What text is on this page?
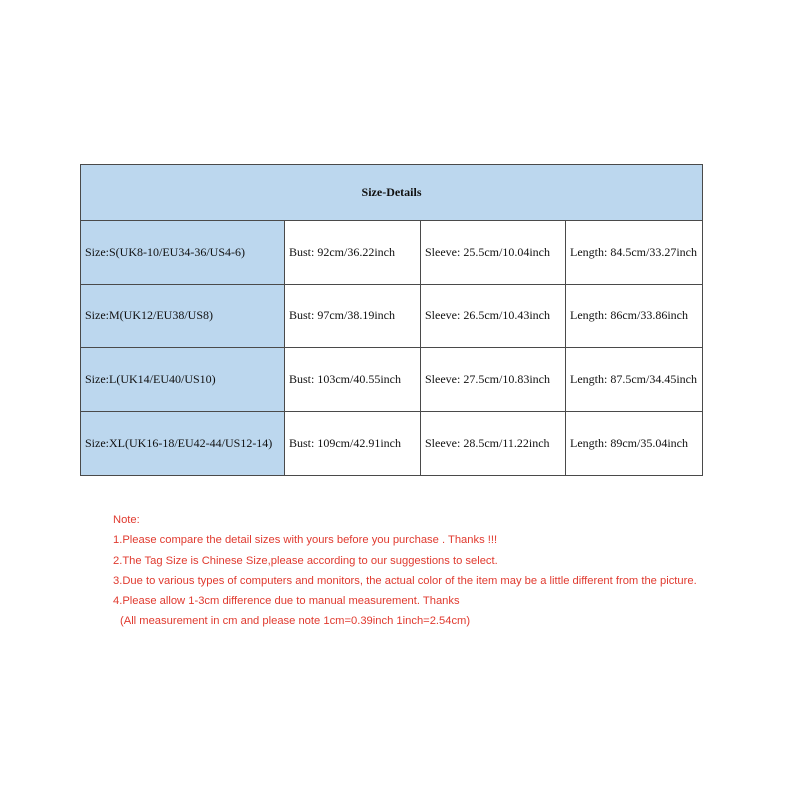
Size-Details			
Size:S(UK8-10/EU34-36/US4-6)	Bust: 92cm/36.22inch	Sleeve: 25.5cm/10.04inch	Length: 84.5cm/33.27inch
Size:M(UK12/EU38/US8)	Bust: 97cm/38.19inch	Sleeve: 26.5cm/10.43inch	Length: 86cm/33.86inch
Size:L(UK14/EU40/US10)	Bust: 103cm/40.55inch	Sleeve: 27.5cm/10.83inch	Length: 87.5cm/34.45inch
Size:XL(UK16-18/EU42-44/US12-14)	Bust: 109cm/42.91inch	Sleeve: 28.5cm/11.22inch	Length: 89cm/35.04inch

Note:

1.Please compare the detail sizes with yours before you purchase . Thanks !!!

2.The Tag Size is Chinese Size,please according to our suggestions to select.

3.Due to various types of computers and monitors, the actual color of the item may be a little different from the picture.

4.Please allow 1-3cm difference due to manual measurement. Thanks

(All measurement in cm and please note 1cm=0.39inch 1inch=2.54cm)
